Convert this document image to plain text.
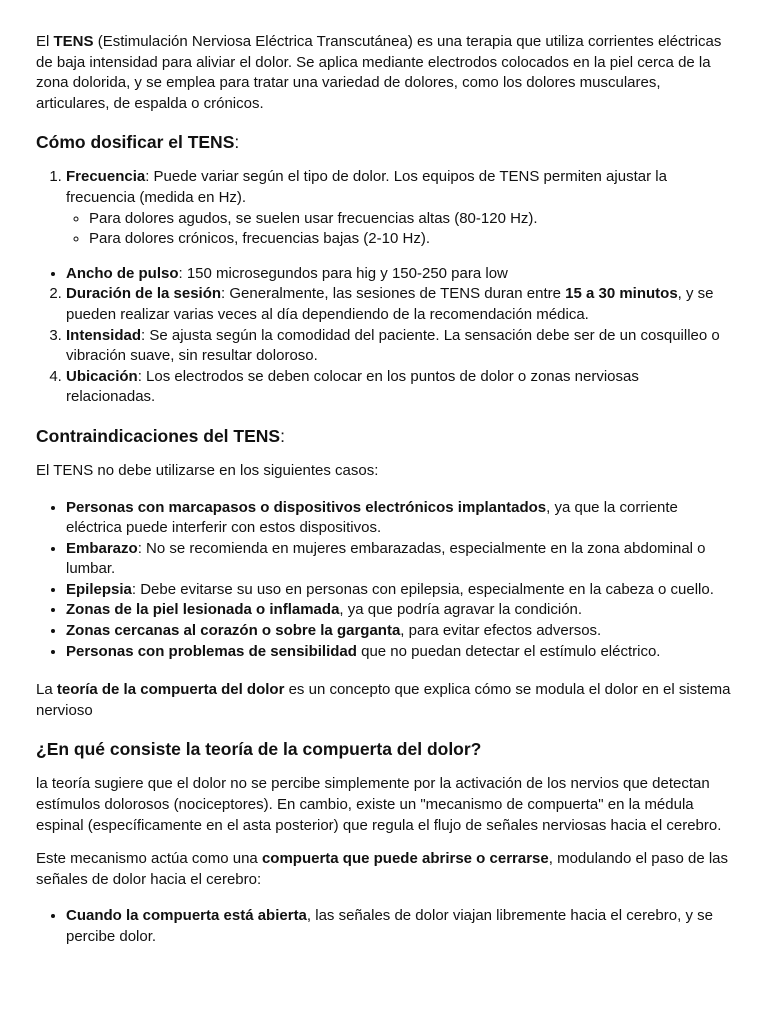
El TENS (Estimulación Nerviosa Eléctrica Transcutánea) es una terapia que utiliza corrientes eléctricas de baja intensidad para aliviar el dolor. Se aplica mediante electrodos colocados en la piel cerca de la zona dolorida, y se emplea para tratar una variedad de dolores, como los dolores musculares, articulares, de espalda o crónicos.

Cómo dosificar el TENS:
1. Frecuencia: Puede variar según el tipo de dolor. Los equipos de TENS permiten ajustar la frecuencia (medida en Hz).
◦ Para dolores agudos, se suelen usar frecuencias altas (80-120 Hz).
◦ Para dolores crónicos, frecuencias bajas (2-10 Hz).
• Ancho de pulso: 150 microsegundos para hig y 150-250 para low
2. Duración de la sesión: Generalmente, las sesiones de TENS duran entre 15 a 30 minutos, y se pueden realizar varias veces al día dependiendo de la recomendación médica.
3. Intensidad: Se ajusta según la comodidad del paciente. La sensación debe ser de un cosquilleo o vibración suave, sin resultar doloroso.
4. Ubicación: Los electrodos se deben colocar en los puntos de dolor o zonas nerviosas relacionadas.
Contraindicaciones del TENS:

El TENS no debe utilizarse en los siguientes casos:

• Personas con marcapasos o dispositivos electrónicos implantados, ya que la corriente eléctrica puede interferir con estos dispositivos.
• Embarazo: No se recomienda en mujeres embarazadas, especialmente en la zona abdominal o lumbar.
• Epilepsia: Debe evitarse su uso en personas con epilepsia, especialmente en la cabeza o cuello.
• Zonas de la piel lesionada o inflamada, ya que podría agravar la condición.
• Zonas cercanas al corazón o sobre la garganta, para evitar efectos adversos.
• Personas con problemas de sensibilidad que no puedan detectar el estímulo eléctrico.

La teoría de la compuerta del dolor es un concepto que explica cómo se modula el dolor en el sistema nervioso

¿En qué consiste la teoría de la compuerta del dolor?

la teoría sugiere que el dolor no se percibe simplemente por la activación de los nervios que detectan estímulos dolorosos (nociceptores). En cambio, existe un "mecanismo de compuerta" en la médula espinal (específicamente en el asta posterior) que regula el flujo de señales nerviosas hacia el cerebro.

Este mecanismo actúa como una compuerta que puede abrirse o cerrarse, modulando el paso de las señales de dolor hacia el cerebro:

• Cuando la compuerta está abierta, las señales de dolor viajan libremente hacia el cerebro, y se percibe dolor.
